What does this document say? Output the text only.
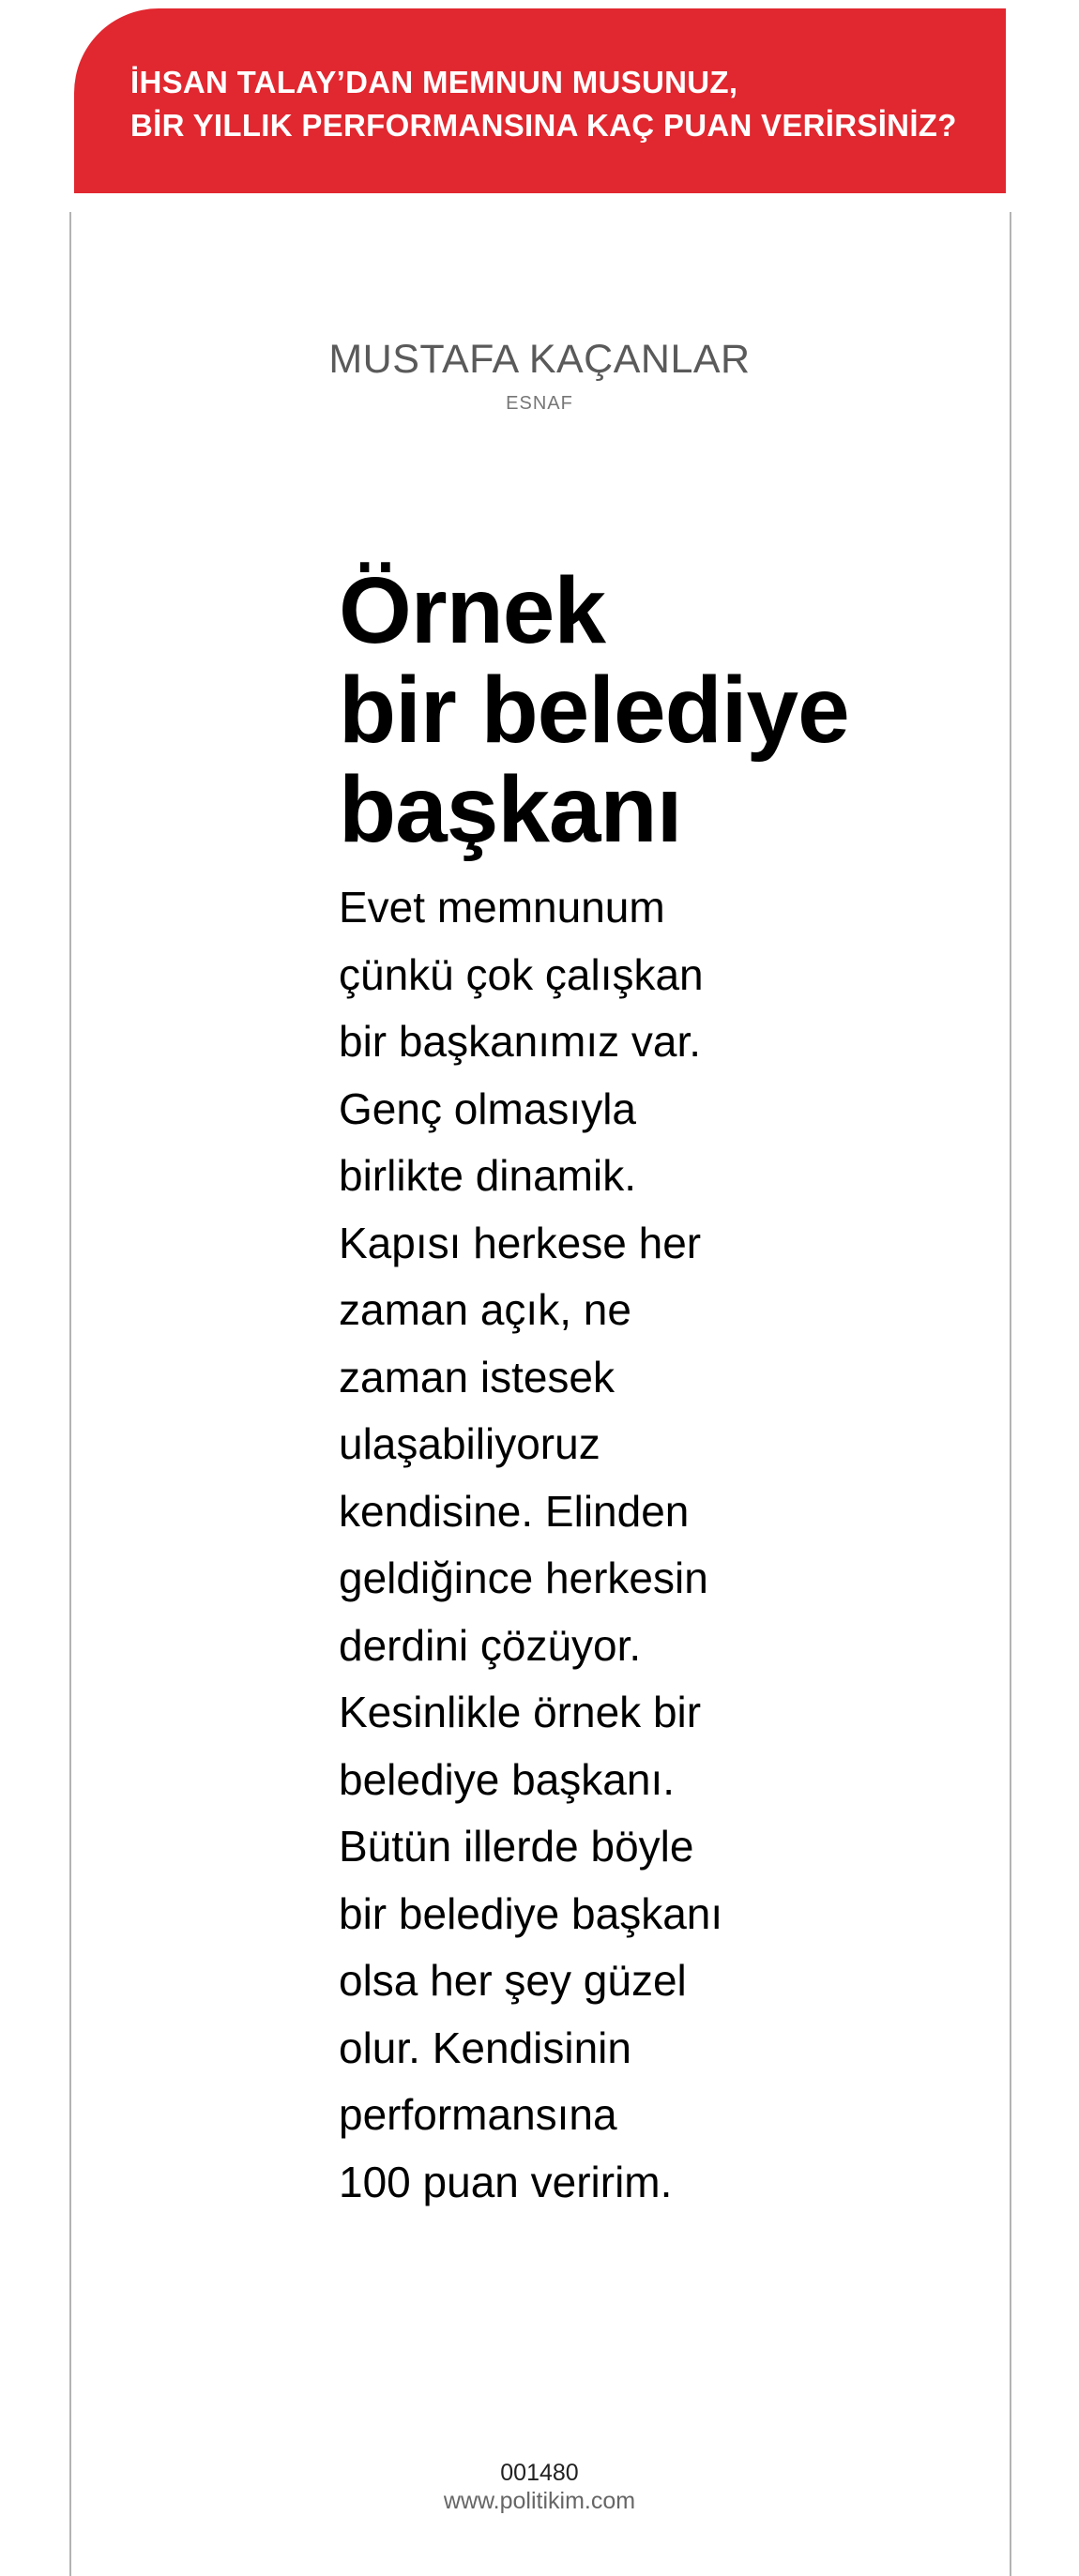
İHSAN TALAY’DAN MEMNUN MUSUNUZ,
BİR YILLIK PERFORMANSINA KAÇ PUAN VERİRSİNİZ?
MUSTAFA KAÇANLAR
ESNAF
Örnek
bir belediye
başkanı
Evet memnunum
çünkü çok çalışkan
bir başkanımız var.
Genç olmasıyla
birlikte dinamik.
Kapısı herkese her
zaman açık, ne
zaman istesek
ulaşabiliyoruz
kendisine. Elinden
geldiğince herkesin
derdini çözüyor.
Kesinlikle örnek bir
belediye başkanı.
Bütün illerde böyle
bir belediye başkanı
olsa her şey güzel
olur. Kendisinin
performansına
100 puan veririm.
001480
www.politikim.com
